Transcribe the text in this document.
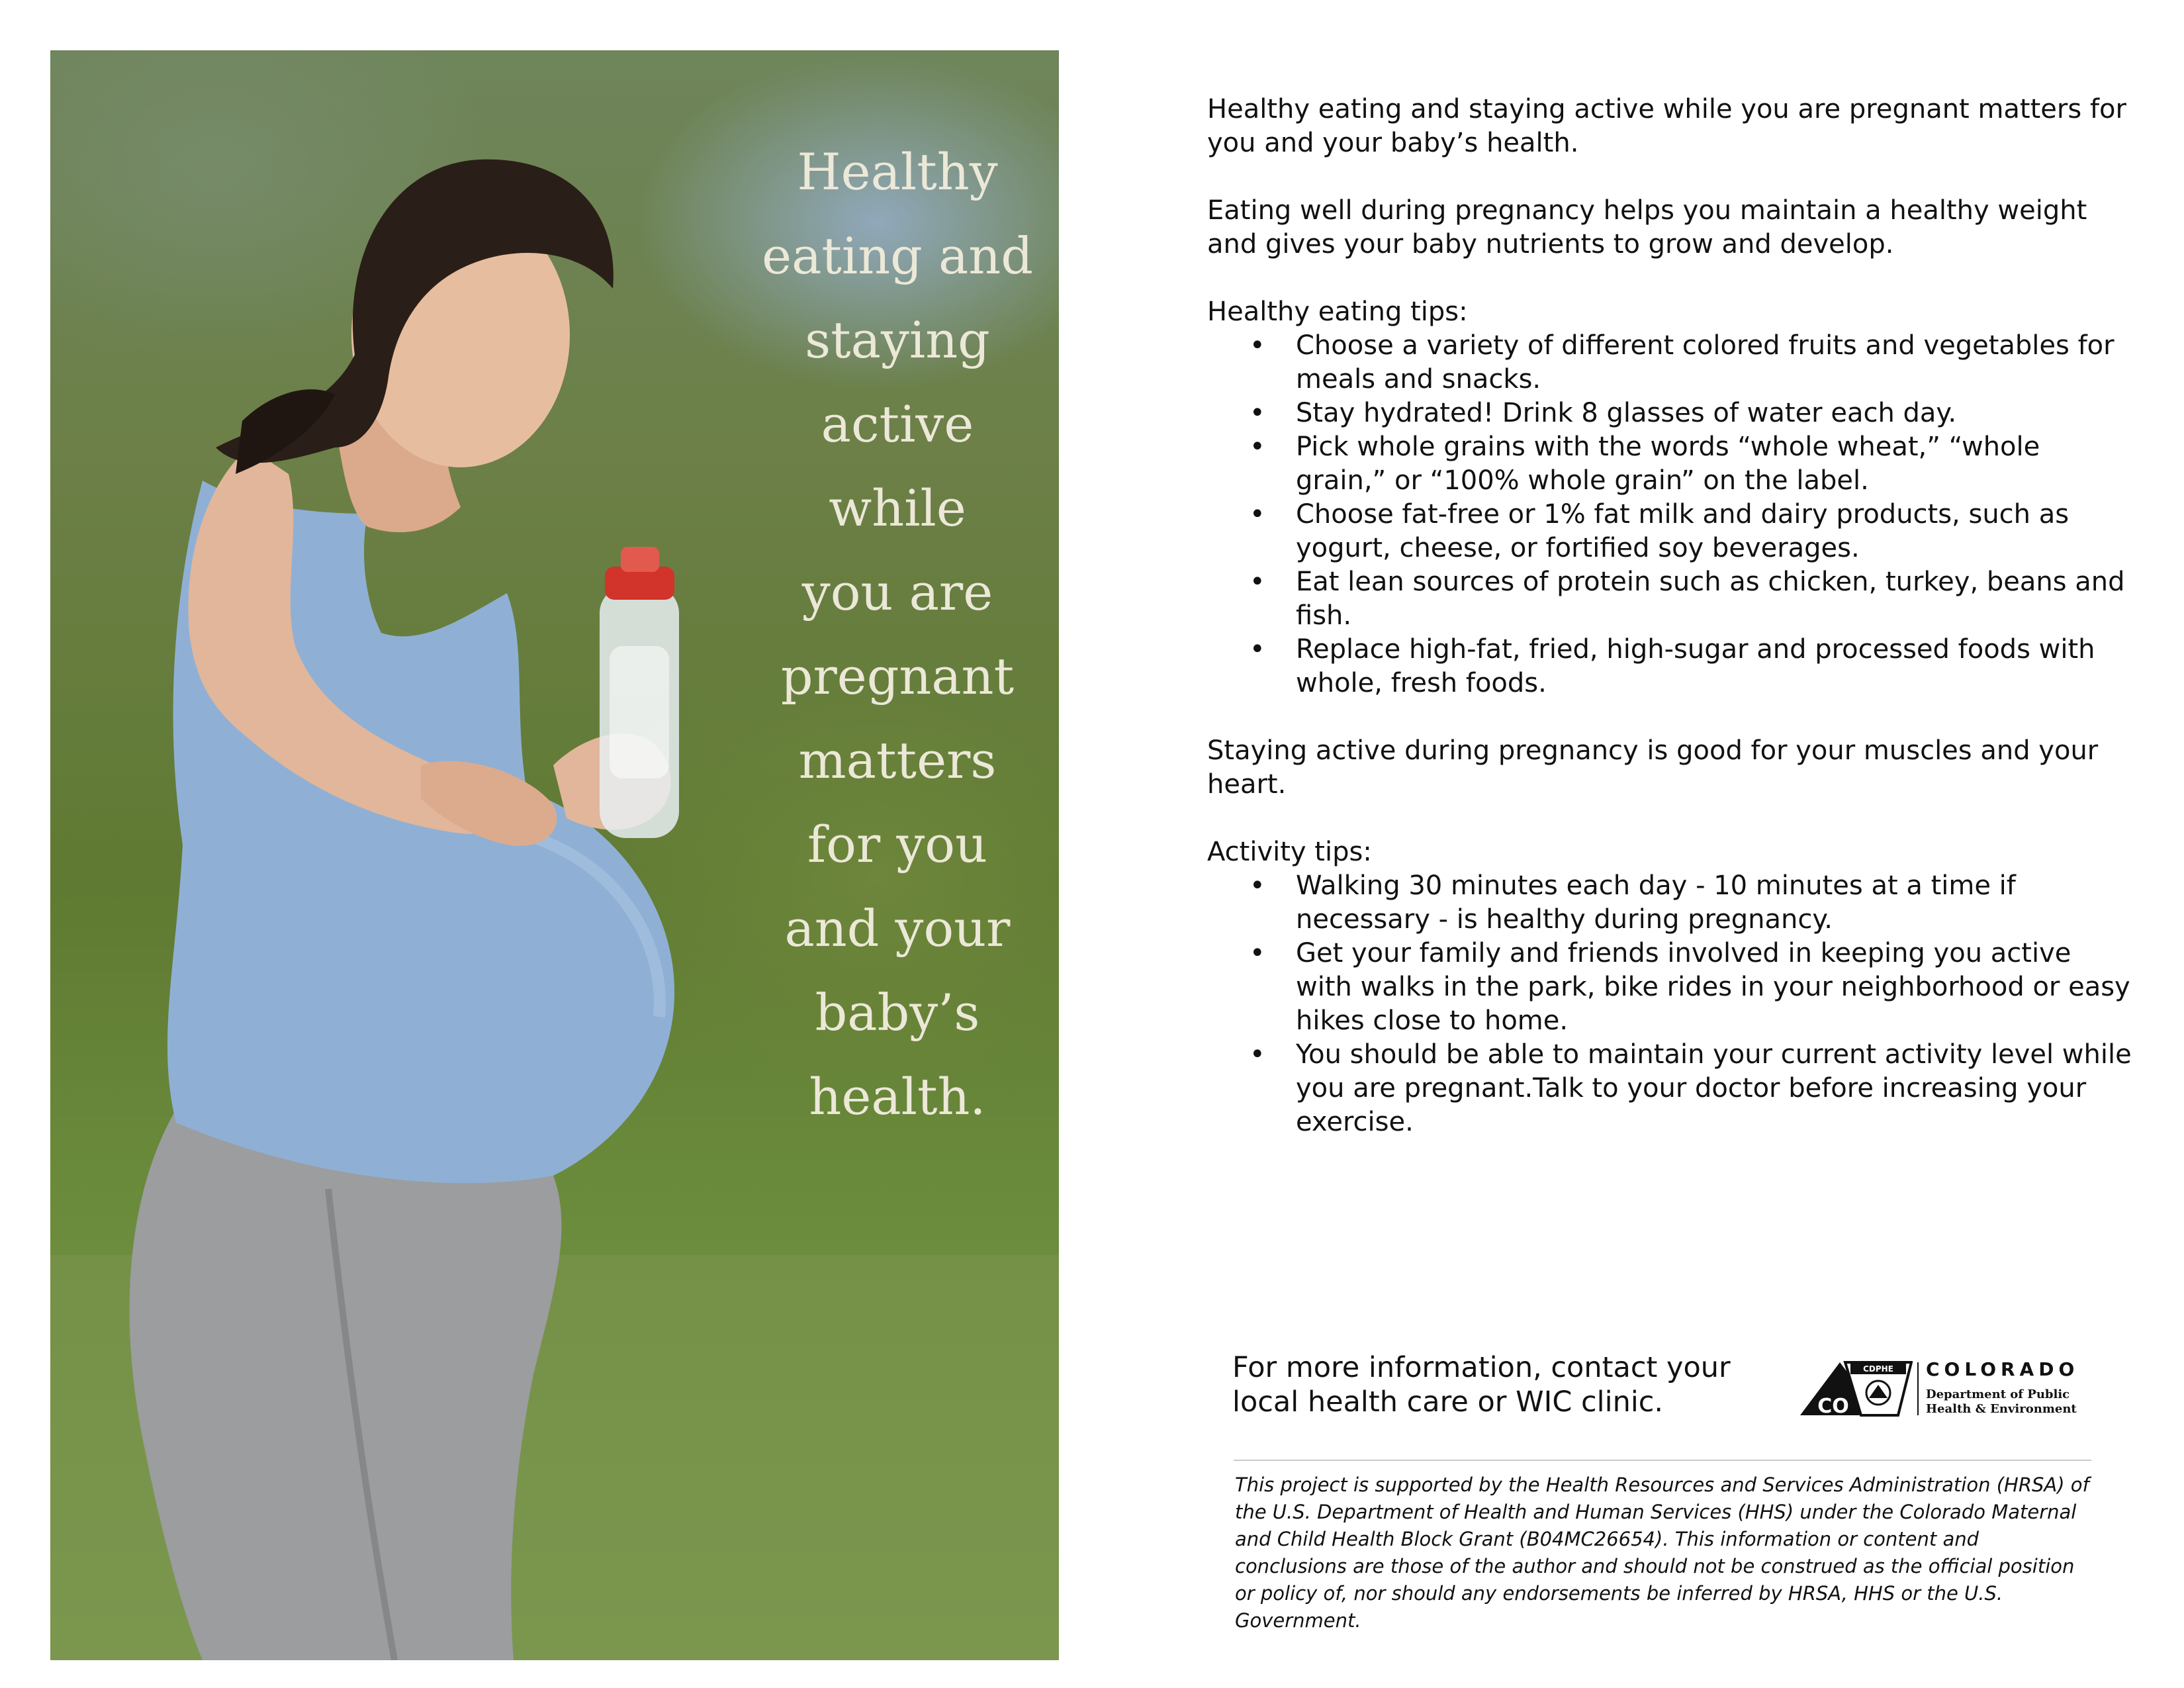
Healthy
eating and
staying
active
while
you are
pregnant
matters
for you
and your
baby’s
health.

Healthy eating and staying active while you are pregnant matters for you and your baby’s health.

Eating well during pregnancy helps you maintain a healthy weight and gives your baby nutrients to grow and develop.

Healthy eating tips:

• Choose a variety of different colored fruits and vegetables for meals and snacks.
• Stay hydrated! Drink 8 glasses of water each day.
• Pick whole grains with the words “whole wheat,” “whole grain,” or “100% whole grain” on the label.
• Choose fat-free or 1% fat milk and dairy products, such as yogurt, cheese, or fortified soy beverages.
• Eat lean sources of protein such as chicken, turkey, beans and fish.
• Replace high-fat, fried, high-sugar and processed foods with whole, fresh foods.

Staying active during pregnancy is good for your muscles and your heart.

Activity tips:

• Walking 30 minutes each day - 10 minutes at a time if necessary - is healthy during pregnancy.
• Get your family and friends involved in keeping you active with walks in the park, bike rides in your neighborhood or easy hikes close to home.
• You should be able to maintain your current activity level while you are pregnant.Talk to your doctor before increasing your exercise.
For more information, contact your
local health care or WIC clinic.	CO
CDPHE COLORADO
Department of Public
Health & Environment
This project is supported by the Health Resources and Services Administration (HRSA) of the U.S. Department of Health and Human Services (HHS) under the Colorado Maternal and Child Health Block Grant (B04MC26654). This information or content and conclusions are those of the author and should not be construed as the official position or policy of, nor should any endorsements be inferred by HRSA, HHS or the U.S. Government.
